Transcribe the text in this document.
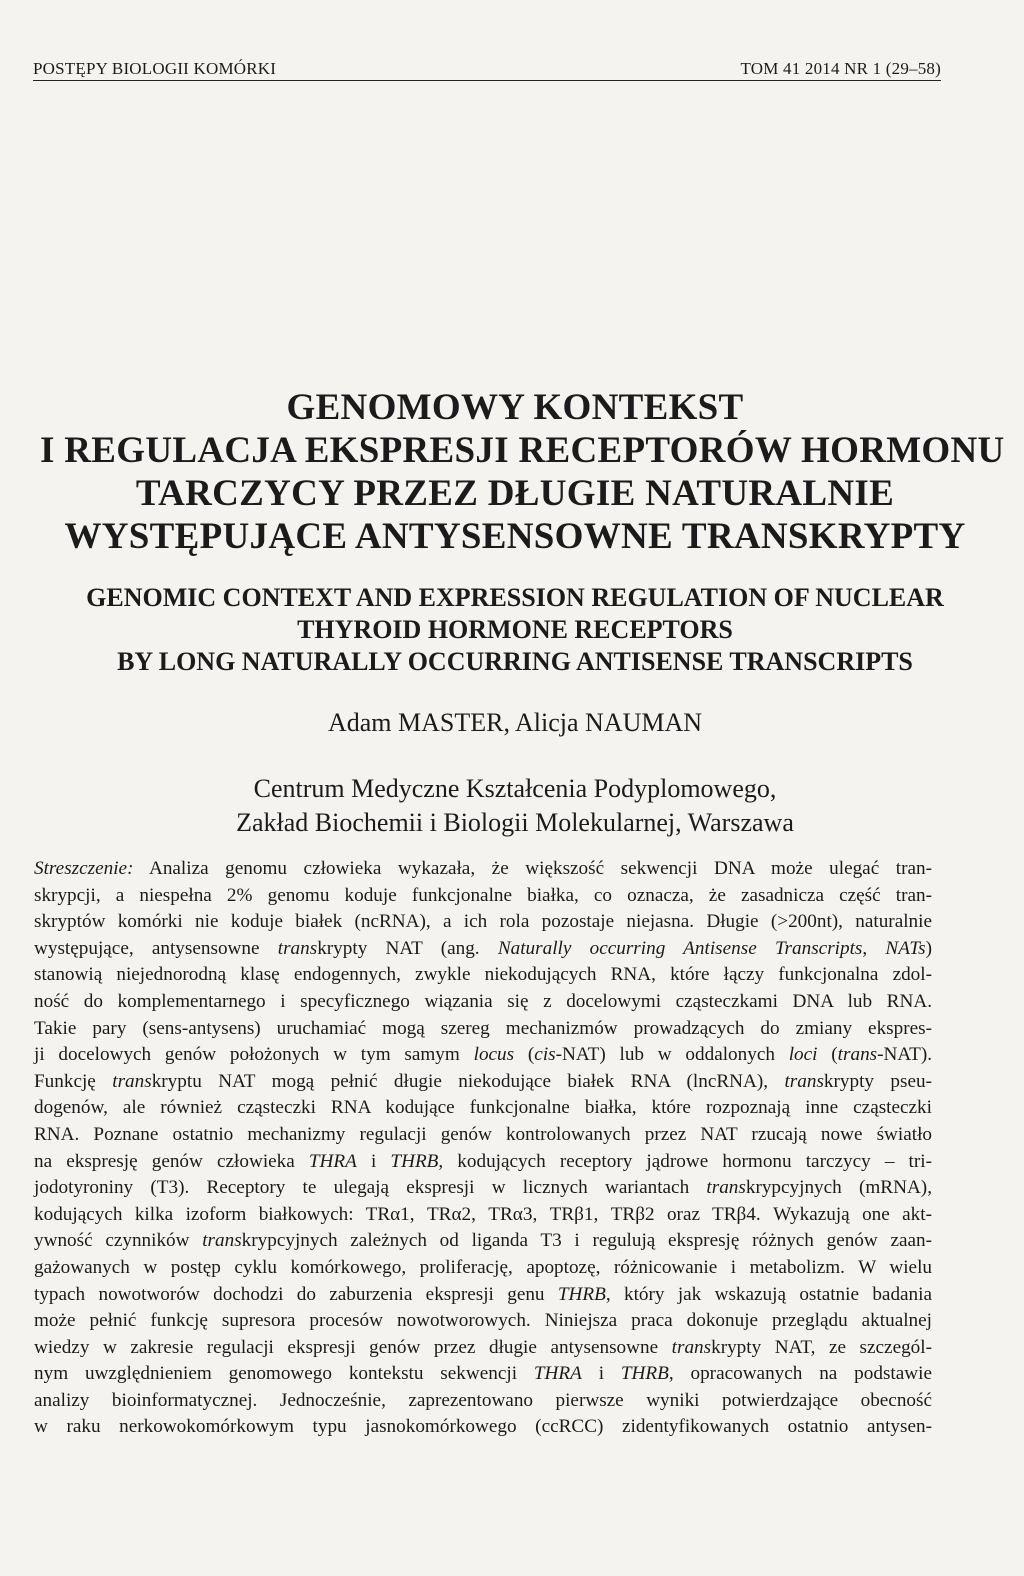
POSTĘPY BIOLOGII KOMÓRKI	TOM 41 2014 NR 1 (29–58)
GENOMOWY KONTEKST
I REGULACJA EKSPRESJI RECEPTORÓW HORMONU
TARCZYCY PRZEZ DŁUGIE NATURALNIE
WYSTĘPUJĄCE ANTYSENSOWNE TRANSKRYPTY
GENOMIC CONTEXT AND EXPRESSION REGULATION OF NUCLEAR
THYROID HORMONE RECEPTORS
BY LONG NATURALLY OCCURRING ANTISENSE TRANSCRIPTS
Adam MASTER, Alicja NAUMAN
Centrum Medyczne Kształcenia Podyplomowego,
Zakład Biochemii i Biologii Molekularnej, Warszawa
Streszczenie: Analiza genomu człowieka wykazała, że większość sekwencji DNA może ulegać tran-
skrypcji, a niespełna 2% genomu koduje funkcjonalne białka, co oznacza, że zasadnicza część tran-
skryptów komórki nie koduje białek (ncRNA), a ich rola pozostaje niejasna. Długie (>200nt), naturalnie
występujące, antysensowne transkrypty NAT (ang. Naturally occurring Antisense Transcripts, NATs)
stanowią niejednorodną klasę endogennych, zwykle niekodujących RNA, które łączy funkcjonalna zdol-
ność do komplementarnego i specyficznego wiązania się z docelowymi cząsteczkami DNA lub RNA.
Takie pary (sens-antysens) uruchamiać mogą szereg mechanizmów prowadzących do zmiany ekspres-
ji docelowych genów położonych w tym samym locus (cis-NAT) lub w oddalonych loci (trans-NAT).
Funkcję transkryptu NAT mogą pełnić długie niekodujące białek RNA (lncRNA), transkrypty pseu-
dogenów, ale również cząsteczki RNA kodujące funkcjonalne białka, które rozpoznają inne cząsteczki
RNA. Poznane ostatnio mechanizmy regulacji genów kontrolowanych przez NAT rzucają nowe światło
na ekspresję genów człowieka THRA i THRB, kodujących receptory jądrowe hormonu tarczycy – tri-
jodotyroniny (T3). Receptory te ulegają ekspresji w licznych wariantach transkrypcyjnych (mRNA),
kodujących kilka izoform białkowych: TRα1, TRα2, TRα3, TRβ1, TRβ2 oraz TRβ4. Wykazują one akt-
ywność czynników transkrypcyjnych zależnych od liganda T3 i regulują ekspresję różnych genów zaan-
gażowanych w postęp cyklu komórkowego, proliferację, apoptozę, różnicowanie i metabolizm. W wielu
typach nowotworów dochodzi do zaburzenia ekspresji genu THRB, który jak wskazują ostatnie badania
może pełnić funkcję supresora procesów nowotworowych. Niniejsza praca dokonuje przeglądu aktualnej
wiedzy w zakresie regulacji ekspresji genów przez długie antysensowne transkrypty NAT, ze szczegól-
nym uwzględnieniem genomowego kontekstu sekwencji THRA i THRB, opracowanych na podstawie
analizy bioinformatycznej. Jednocześnie, zaprezentowano pierwsze wyniki potwierdzające obecność
w raku nerkowokomórkowym typu jasnokomórkowego (ccRCC) zidentyfikowanych ostatnio antysen-
